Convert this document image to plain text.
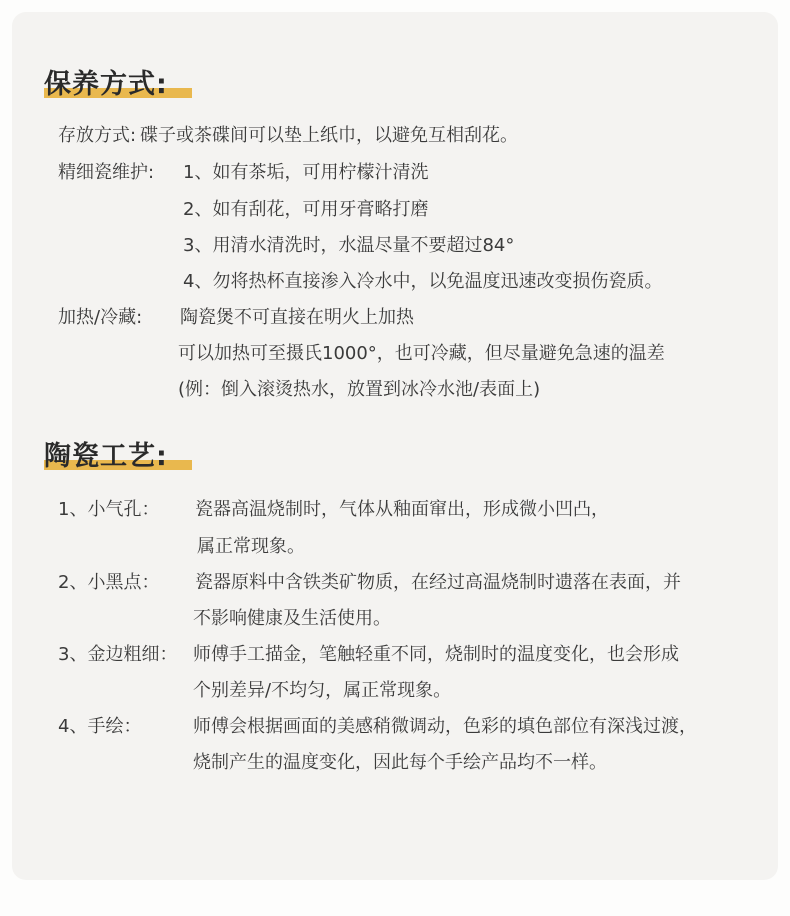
保养方式:
存放方式: 碟子或茶碟间可以垫上纸巾，以避免互相刮花。
精细瓷维护: 1、如有茶垢，可用柠檬汁清洗
2、如有刮花，可用牙膏略打磨
3、用清水清洗时，水温尽量不要超过84°
4、勿将热杯直接渗入冷水中，以免温度迅速改变损伤瓷质。
加热/冷藏: 陶瓷煲不可直接在明火上加热
可以加热可至摄氏1000°，也可冷藏，但尽量避免急速的温差
(例：倒入滚烫热水，放置到冰冷水池/表面上)
陶瓷工艺:
1、小气孔： 瓷器高温烧制时，气体从釉面窜出，形成微小凹凸，
属正常现象。
2、小黑点： 瓷器原料中含铁类矿物质，在经过高温烧制时遗落在表面，并
不影响健康及生活使用。
3、金边粗细： 师傅手工描金，笔触轻重不同，烧制时的温度变化，也会形成
个别差异/不均匀，属正常现象。
4、手绘：	师傅会根据画面的美感稍微调动，色彩的填色部位有深浅过渡，
烧制产生的温度变化，因此每个手绘产品均不一样。
